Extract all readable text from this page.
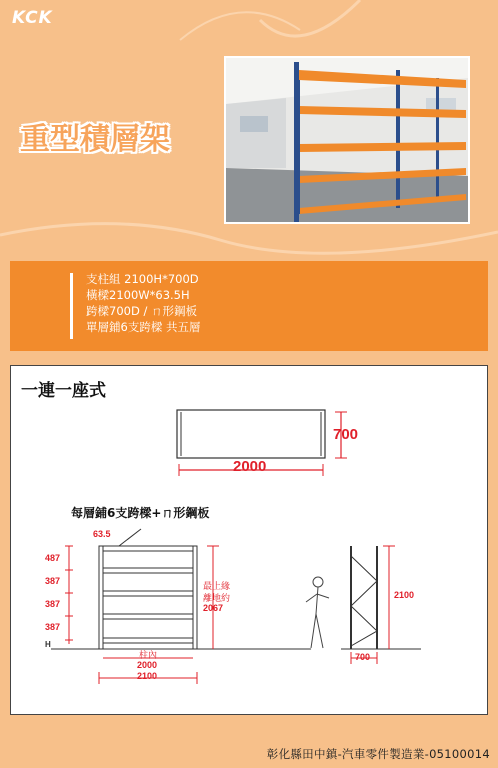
KCK
重型積層架
支柱組 2100H*700D
橫樑2100W*63.5H
跨樑700D / ㄇ形鋼板
單層鋪6支跨樑 共五層
一連一座式
2000
700
每層鋪6支跨樑+ㄇ形鋼板
63.5
487
387
387
387
最上緣
離地約
2067
H
柱內
2000
2100
2100
700
彰化縣田中鎮-汽車零件製造業-05100014
